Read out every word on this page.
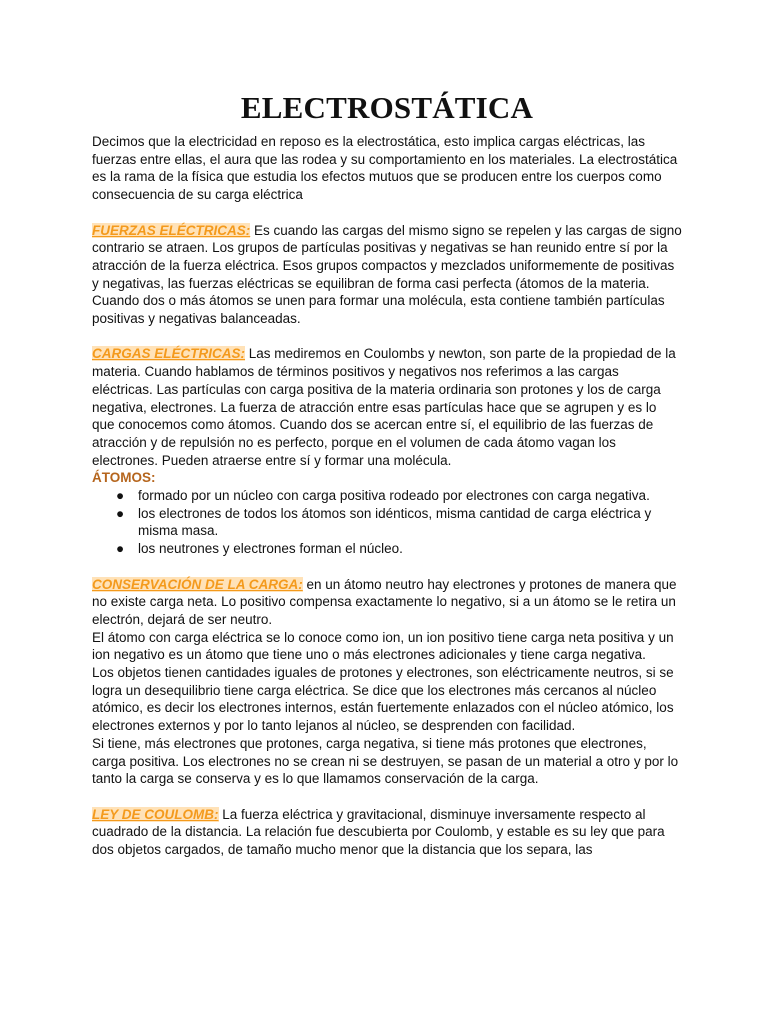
ELECTROSTÁTICA

Decimos que la electricidad en reposo es la electrostática, esto implica cargas eléctricas, las fuerzas entre ellas, el aura que las rodea y su comportamiento en los materiales. La electrostática es la rama de la física que estudia los efectos mutuos que se producen entre los cuerpos como consecuencia de su carga eléctrica

FUERZAS ELÉCTRICAS: Es cuando las cargas del mismo signo se repelen y las cargas de signo contrario se atraen. Los grupos de partículas positivas y negativas se han reunido entre sí por la atracción de la fuerza eléctrica. Esos grupos compactos y mezclados uniformemente de positivas y negativas, las fuerzas eléctricas se equilibran de forma casi perfecta (átomos de la materia. Cuando dos o más átomos se unen para formar una molécula, esta contiene también partículas positivas y negativas balanceadas.

CARGAS ELÉCTRICAS: Las mediremos en Coulombs y newton, son parte de la propiedad de la materia. Cuando hablamos de términos positivos y negativos nos referimos a las cargas eléctricas. Las partículas con carga positiva de la materia ordinaria son protones y los de carga negativa, electrones. La fuerza de atracción entre esas partículas hace que se agrupen y es lo que conocemos como átomos. Cuando dos se acercan entre sí, el equilibrio de las fuerzas de atracción y de repulsión no es perfecto, porque en el volumen de cada átomo vagan los electrones. Pueden atraerse entre sí y formar una molécula.

ÁTOMOS:

● formado por un núcleo con carga positiva rodeado por electrones con carga negativa.
● los electrones de todos los átomos son idénticos, misma cantidad de carga eléctrica y misma masa.
● los neutrones y electrones forman el núcleo.

CONSERVACIÓN DE LA CARGA: en un átomo neutro hay electrones y protones de manera que no existe carga neta. Lo positivo compensa exactamente lo negativo, si a un átomo se le retira un electrón, dejará de ser neutro.

El átomo con carga eléctrica se lo conoce como ion, un ion positivo tiene carga neta positiva y un ion negativo es un átomo que tiene uno o más electrones adicionales y tiene carga negativa.

Los objetos tienen cantidades iguales de protones y electrones, son eléctricamente neutros, si se logra un desequilibrio tiene carga eléctrica. Se dice que los electrones más cercanos al núcleo atómico, es decir los electrones internos, están fuertemente enlazados con el núcleo atómico, los electrones externos y por lo tanto lejanos al núcleo, se desprenden con facilidad.

Si tiene, más electrones que protones, carga negativa, si tiene más protones que electrones, carga positiva. Los electrones no se crean ni se destruyen, se pasan de un material a otro y por lo tanto la carga se conserva y es lo que llamamos conservación de la carga.

LEY DE COULOMB: La fuerza eléctrica y gravitacional, disminuye inversamente respecto al cuadrado de la distancia. La relación fue descubierta por Coulomb, y estable es su ley que para dos objetos cargados, de tamaño mucho menor que la distancia que los separa, las
